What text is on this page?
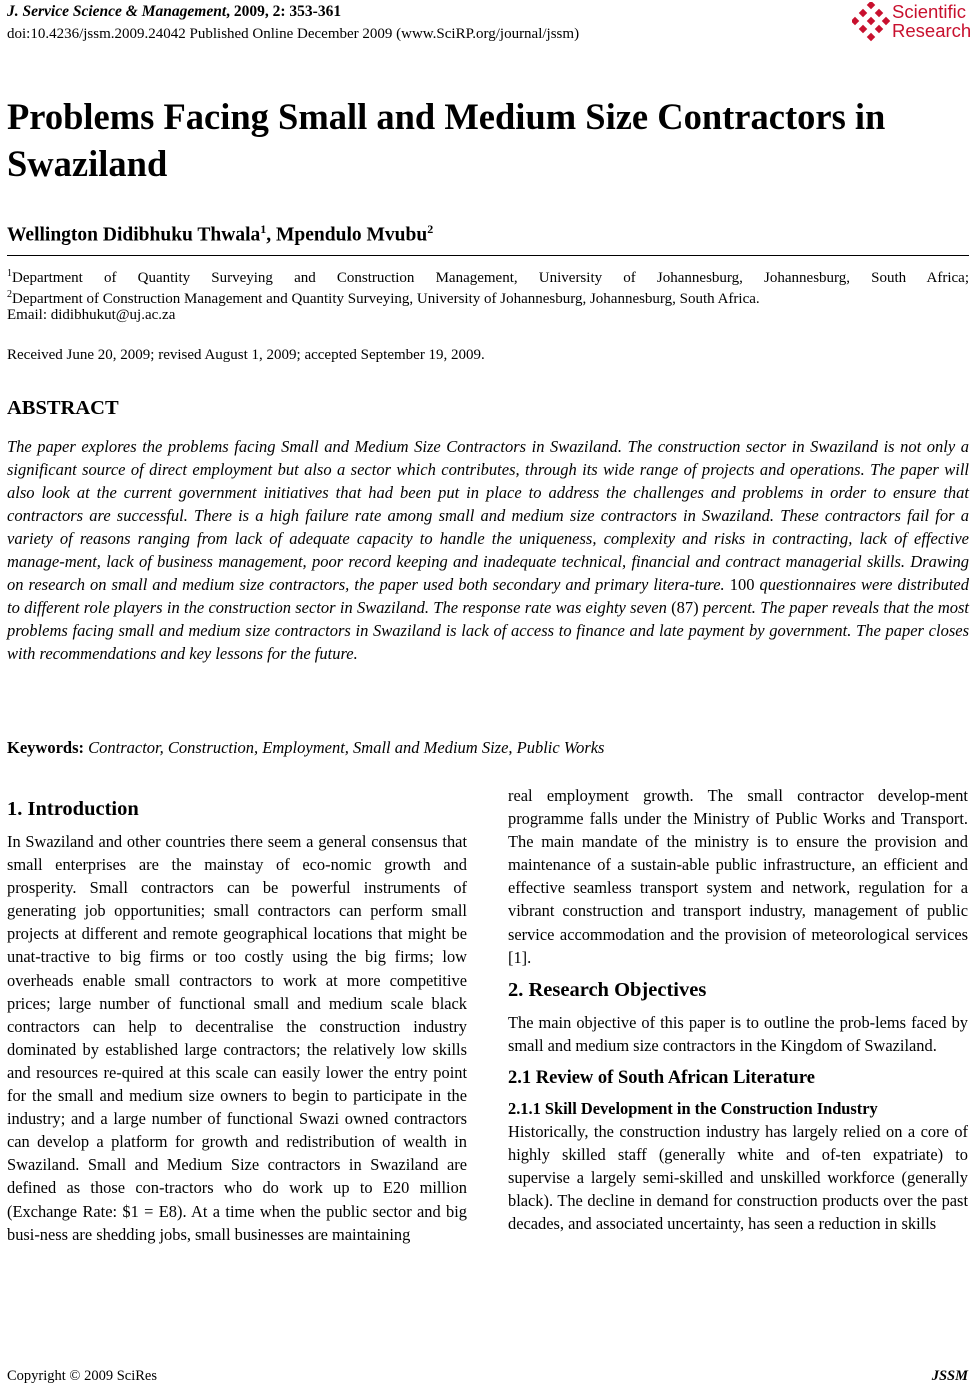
J. Service Science & Management, 2009, 2: 353-361
doi:10.4236/jssm.2009.24042 Published Online December 2009 (www.SciRP.org/journal/jssm)
Scientific
Research
Problems Facing Small and Medium Size Contractors in Swaziland
Wellington Didibhuku Thwala$^1$, Mpendulo Mvubu$^2$
$^1$Department of Quantity Surveying and Construction Management, University of Johannesburg, Johannesburg, South Africa;
$^2$Department of Construction Management and Quantity Surveying, University of Johannesburg, Johannesburg, South Africa.
Email: didibhukut@uj.ac.za
Received June 20, 2009; revised August 1, 2009; accepted September 19, 2009.
ABSTRACT
The paper explores the problems facing Small and Medium Size Contractors in Swaziland. The construction sector in Swaziland is not only a significant source of direct employment but also a sector which contributes, through its wide range of projects and operations. The paper will also look at the current government initiatives that had been put in place to address the challenges and problems in order to ensure that contractors are successful. There is a high failure rate among small and medium size contractors in Swaziland. These contractors fail for a variety of reasons ranging from lack of adequate capacity to handle the uniqueness, complexity and risks in contracting, lack of effective manage-ment, lack of business management, poor record keeping and inadequate technical, financial and contract managerial skills. Drawing on research on small and medium size contractors, the paper used both secondary and primary litera-ture. 100 questionnaires were distributed to different role players in the construction sector in Swaziland. The response rate was eighty seven (87) percent. The paper reveals that the most problems facing small and medium size contractors in Swaziland is lack of access to finance and late payment by government. The paper closes with recommendations and key lessons for the future.
Keywords: Contractor, Construction, Employment, Small and Medium Size, Public Works
1. Introduction

In Swaziland and other countries there seem a general consensus that small enterprises are the mainstay of eco-nomic growth and prosperity. Small contractors can be powerful instruments of generating job opportunities; small contractors can perform small projects at different and remote geographical locations that might be unat-tractive to big firms or too costly using the big firms; low overheads enable small contractors to work at more competitive prices; large number of functional small and medium scale black contractors can help to decentralise the construction industry dominated by established large contractors; the relatively low skills and resources re-quired at this scale can easily lower the entry point for the small and medium size owners to begin to participate in the industry; and a large number of functional Swazi owned contractors can develop a platform for growth and redistribution of wealth in Swaziland. Small and Medium Size contractors in Swaziland are defined as those con-tractors who do work up to E20 million (Exchange Rate: $1 = E8). At a time when the public sector and big busi-ness are shedding jobs, small businesses are maintaining

real employment growth. The small contractor develop-ment programme falls under the Ministry of Public Works and Transport. The main mandate of the ministry is to ensure the provision and maintenance of a sustain-able public infrastructure, an efficient and effective seamless transport system and network, regulation for a vibrant construction and transport industry, management of public service accommodation and the provision of meteorological services [1].

2. Research Objectives

The main objective of this paper is to outline the prob-lems faced by small and medium size contractors in the Kingdom of Swaziland.

2.1 Review of South African Literature
2.1.1 Skill Development in the Construction Industry

Historically, the construction industry has largely relied on a core of highly skilled staff (generally white and of-ten expatriate) to supervise a largely semi-skilled and unskilled workforce (generally black). The decline in demand for construction products over the past decades, and associated uncertainty, has seen a reduction in skills

Copyright © 2009 SciRes	JSSM
